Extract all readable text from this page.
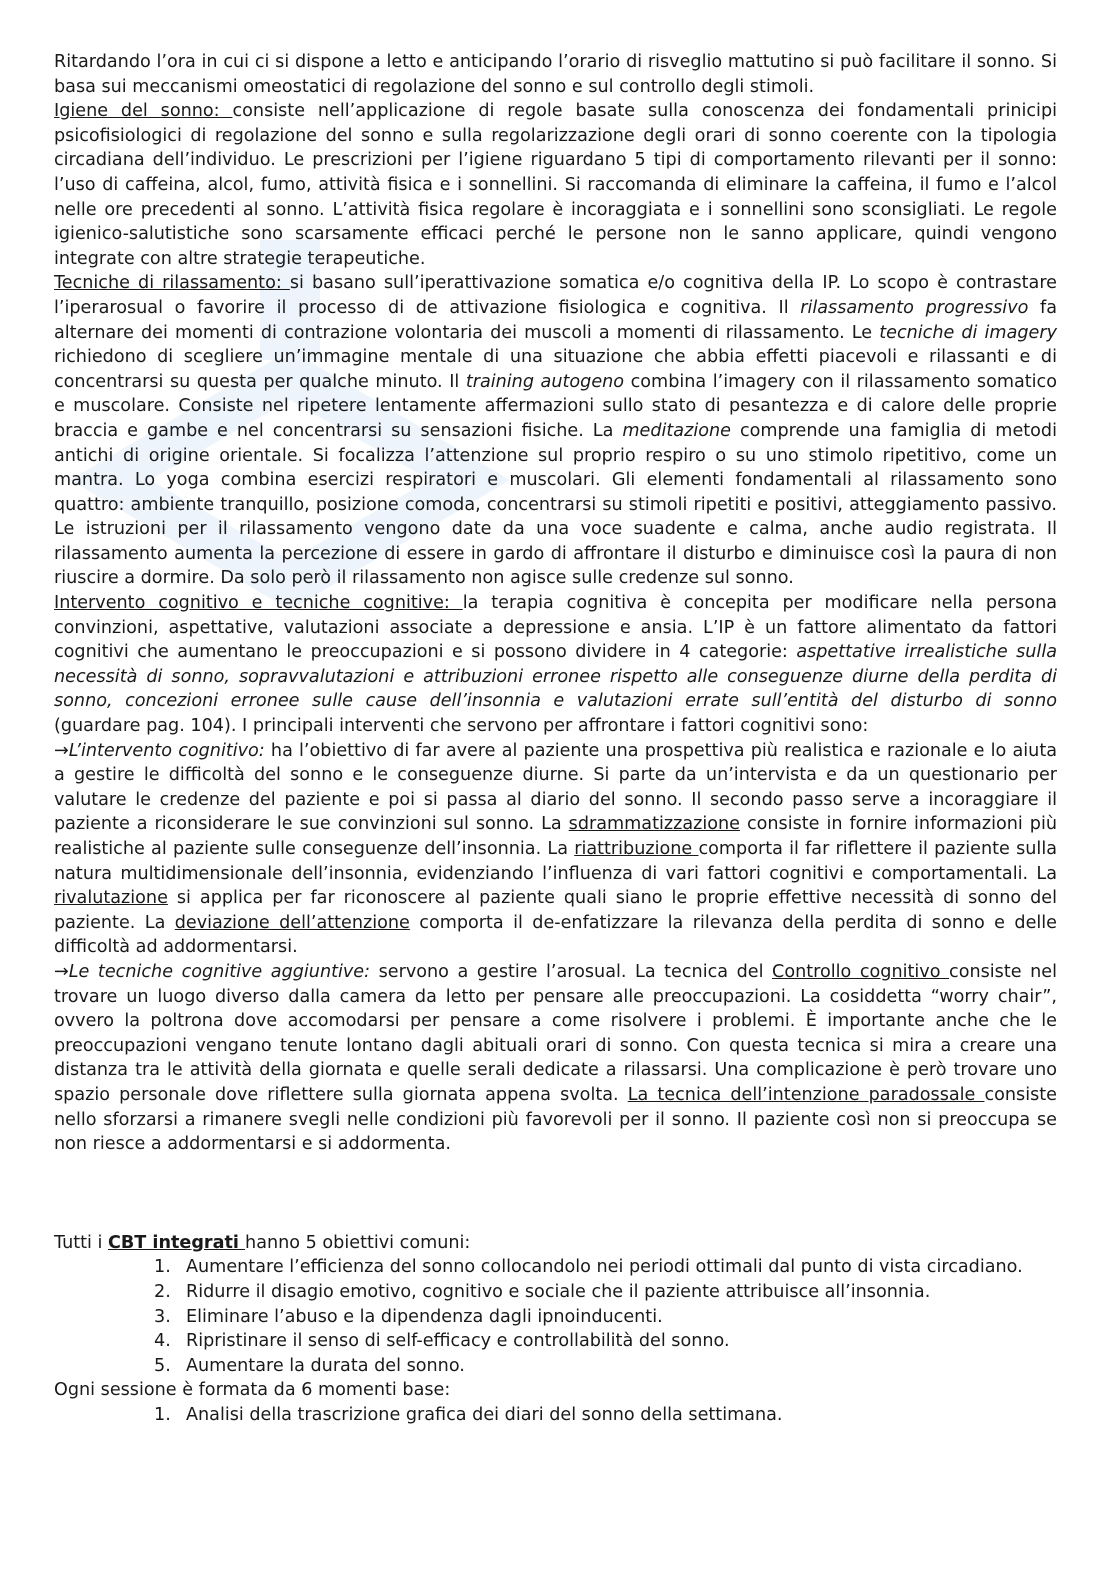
Ritardando l’ora in cui ci si dispone a letto e anticipando l’orario di risveglio mattutino si può facilitare il sonno. Si basa sui meccanismi omeostatici di regolazione del sonno e sul controllo degli stimoli.

Igiene del sonno: consiste nell’applicazione di regole basate sulla conoscenza dei fondamentali prinicipi psicofisiologici di regolazione del sonno e sulla regolarizzazione degli orari di sonno coerente con la tipologia circadiana dell’individuo. Le prescrizioni per l’igiene riguardano 5 tipi di comportamento rilevanti per il sonno: l’uso di caffeina, alcol, fumo, attività fisica e i sonnellini. Si raccomanda di eliminare la caffeina, il fumo e l’alcol nelle ore precedenti al sonno. L’attività fisica regolare è incoraggiata e i sonnellini sono sconsigliati. Le regole igienico-salutistiche sono scarsamente efficaci perché le persone non le sanno applicare, quindi vengono integrate con altre strategie terapeutiche.

Tecniche di rilassamento: si basano sull’iperattivazione somatica e/o cognitiva della IP. Lo scopo è contrastare l’iperarosual o favorire il processo di de attivazione fisiologica e cognitiva. Il rilassamento progressivo fa alternare dei momenti di contrazione volontaria dei muscoli a momenti di rilassamento. Le tecniche di imagery richiedono di scegliere un’immagine mentale di una situazione che abbia effetti piacevoli e rilassanti e di concentrarsi su questa per qualche minuto. Il training autogeno combina l’imagery con il rilassamento somatico e muscolare. Consiste nel ripetere lentamente affermazioni sullo stato di pesantezza e di calore delle proprie braccia e gambe e nel concentrarsi su sensazioni fisiche. La meditazione comprende una famiglia di metodi antichi di origine orientale. Si focalizza l’attenzione sul proprio respiro o su uno stimolo ripetitivo, come un mantra. Lo yoga combina esercizi respiratori e muscolari. Gli elementi fondamentali al rilassamento sono quattro: ambiente tranquillo, posizione comoda, concentrarsi su stimoli ripetiti e positivi, atteggiamento passivo. Le istruzioni per il rilassamento vengono date da una voce suadente e calma, anche audio registrata. Il rilassamento aumenta la percezione di essere in gardo di affrontare il disturbo e diminuisce così la paura di non riuscire a dormire. Da solo però il rilassamento non agisce sulle credenze sul sonno.

Intervento cognitivo e tecniche cognitive: la terapia cognitiva è concepita per modificare nella persona convinzioni, aspettative, valutazioni associate a depressione e ansia. L’IP è un fattore alimentato da fattori cognitivi che aumentano le preoccupazioni e si possono dividere in 4 categorie: aspettative irrealistiche sulla necessità di sonno, sopravvalutazioni e attribuzioni erronee rispetto alle conseguenze diurne della perdita di sonno, concezioni erronee sulle cause dell’insonnia e valutazioni errate sull’entità del disturbo di sonno (guardare pag. 104). I principali interventi che servono per affrontare i fattori cognitivi sono:

→L’intervento cognitivo: ha l’obiettivo di far avere al paziente una prospettiva più realistica e razionale e lo aiuta a gestire le difficoltà del sonno e le conseguenze diurne. Si parte da un’intervista e da un questionario per valutare le credenze del paziente e poi si passa al diario del sonno. Il secondo passo serve a incoraggiare il paziente a riconsiderare le sue convinzioni sul sonno. La sdrammatizzazione consiste in fornire informazioni più realistiche al paziente sulle conseguenze dell’insonnia. La riattribuzione comporta il far riflettere il paziente sulla natura multidimensionale dell’insonnia, evidenziando l’influenza di vari fattori cognitivi e comportamentali. La rivalutazione si applica per far riconoscere al paziente quali siano le proprie effettive necessità di sonno del paziente. La deviazione dell’attenzione comporta il de-enfatizzare la rilevanza della perdita di sonno e delle difficoltà ad addormentarsi.

→Le tecniche cognitive aggiuntive: servono a gestire l’arosual. La tecnica del Controllo cognitivo consiste nel trovare un luogo diverso dalla camera da letto per pensare alle preoccupazioni. La cosiddetta “worry chair”, ovvero la poltrona dove accomodarsi per pensare a come risolvere i problemi. È importante anche che le preoccupazioni vengano tenute lontano dagli abituali orari di sonno. Con questa tecnica si mira a creare una distanza tra le attività della giornata e quelle serali dedicate a rilassarsi. Una complicazione è però trovare uno spazio personale dove riflettere sulla giornata appena svolta. La tecnica dell’intenzione paradossale consiste nello sforzarsi a rimanere svegli nelle condizioni più favorevoli per il sonno. Il paziente così non si preoccupa se non riesce a addormentarsi e si addormenta.

Tutti i CBT integrati hanno 5 obiettivi comuni:

1. Aumentare l’efficienza del sonno collocandolo nei periodi ottimali dal punto di vista circadiano.
2. Ridurre il disagio emotivo, cognitivo e sociale che il paziente attribuisce all’insonnia.
3. Eliminare l’abuso e la dipendenza dagli ipnoinducenti.
4. Ripristinare il senso di self-efficacy e controllabilità del sonno.
5. Aumentare la durata del sonno.

Ogni sessione è formata da 6 momenti base:

1. Analisi della trascrizione grafica dei diari del sonno della settimana.
